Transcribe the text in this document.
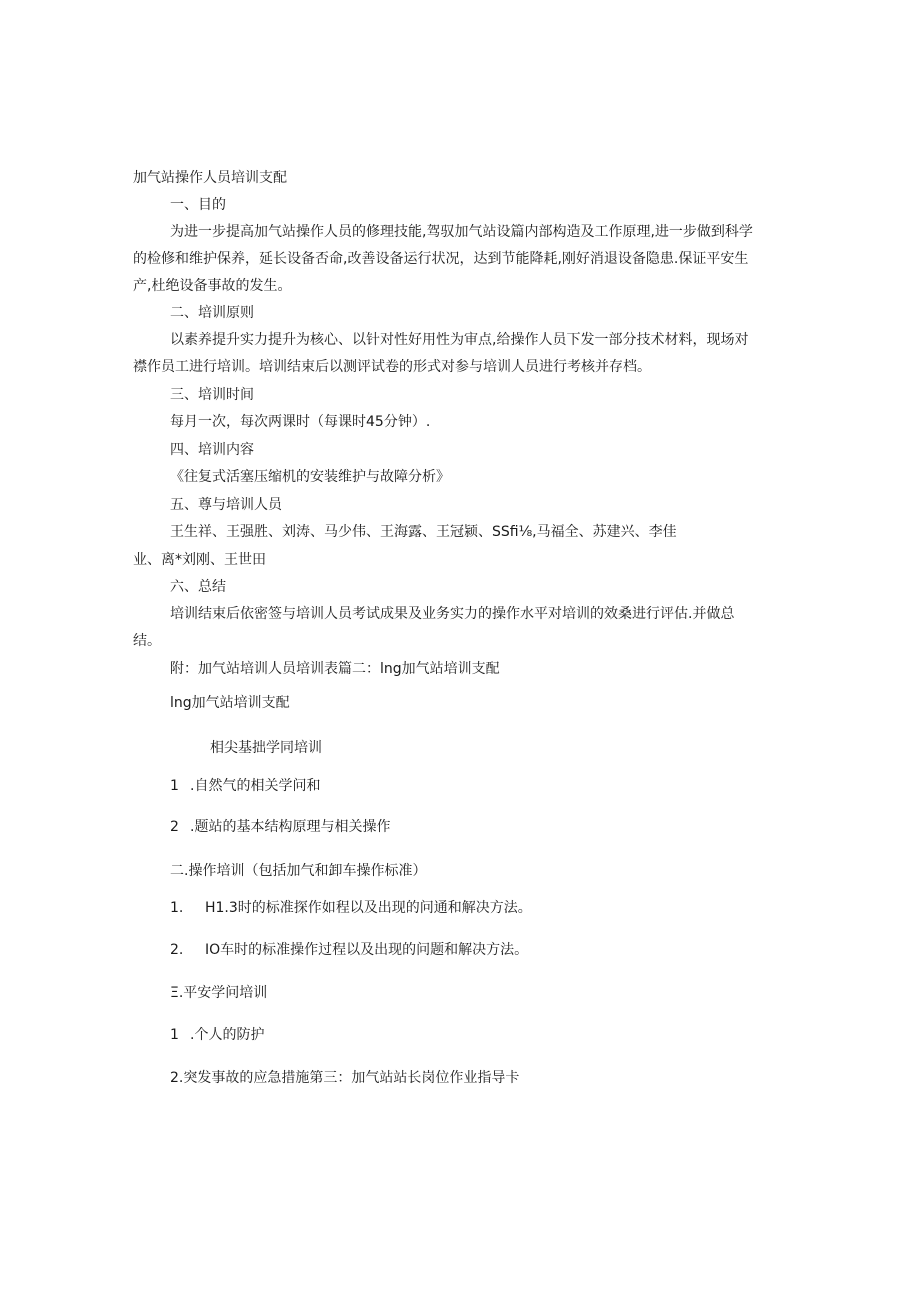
加气站操作人员培训支配
一、目的
为进一步提高加气站操作人员的修理技能,驾驭加气站设篇内部构造及工作原理,进一步做到科学
的检修和维护保养，延长设备否命,改善设备运行状况，达到节能降耗,刚好消退设备隐患.保证平安生
产,杜绝设备事故的发生。
二、培训原则
以素养提升实力提升为核心、以针对性好用性为审点,给操作人员下发一部分技术材料，现场对
襟作员工进行培训。培训结束后以测评试卷的形式对参与培训人员进行考核并存档。
三、培训时间
每月一次，每次两课时（每课时45分钟）.
四、培训内容
《往复式活塞压缩机的安装维护与故障分析》
五、尊与培训人员
王生祥、王强胜、刘涛、马少伟、王海露、王冠颍、SSfi⅛,马福全、苏建兴、李佳
业、离*刘刚、王世田
六、总结
培训结束后依密签与培训人员考试成果及业务实力的操作水平对培训的效桑进行评估.并做总
结。
附：加气站培训人员培训表篇二：lng加气站培训支配
lng加气站培训支配
相尖基拙学同培训
1 .自然气的相关学问和
2 .题站的基本结构原理与相关操作
二.操作培训（包括加气和卸车操作标准）
1. H1.3时的标准探作如程以及出现的问通和解决方法。
2. IO车时的标准操作过程以及出现的问题和解决方法。
Ξ.平安学问培训
1 .个人的防护
2.突发事故的应急措施第三：加气站站长岗位作业指导卡
